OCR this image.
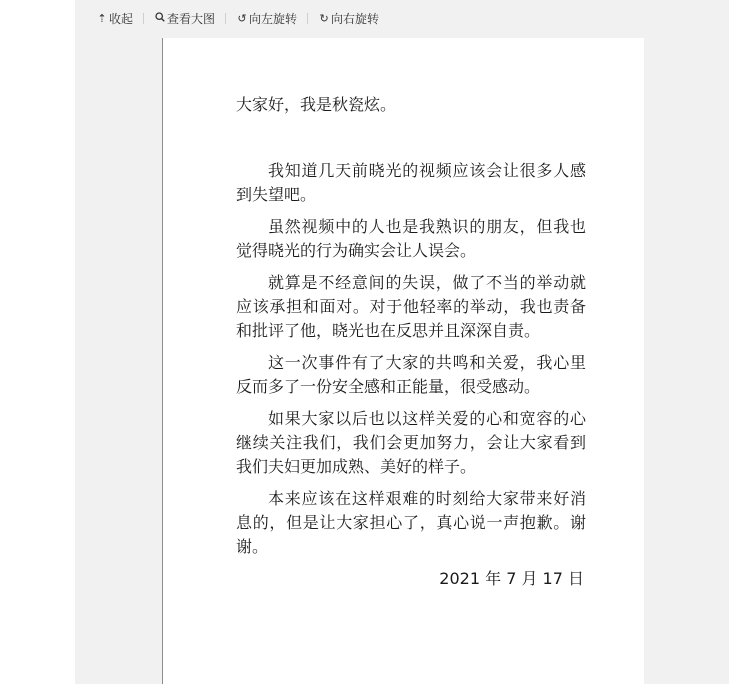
⇡ 收起	查看大图 ↺ 向左旋转 ↻ 向右旋转

大家好，我是秋瓷炫。

我知道几天前晓光的视频应该会让很多人感到失望吧。

虽然视频中的人也是我熟识的朋友，但我也觉得晓光的行为确实会让人误会。

就算是不经意间的失误，做了不当的举动就应该承担和面对。对于他轻率的举动，我也责备和批评了他，晓光也在反思并且深深自责。

这一次事件有了大家的共鸣和关爱，我心里反而多了一份安全感和正能量，很受感动。

如果大家以后也以这样关爱的心和宽容的心继续关注我们，我们会更加努力，会让大家看到我们夫妇更加成熟、美好的样子。

本来应该在这样艰难的时刻给大家带来好消息的，但是让大家担心了，真心说一声抱歉。谢谢。

2021 年 7 月 17 日
